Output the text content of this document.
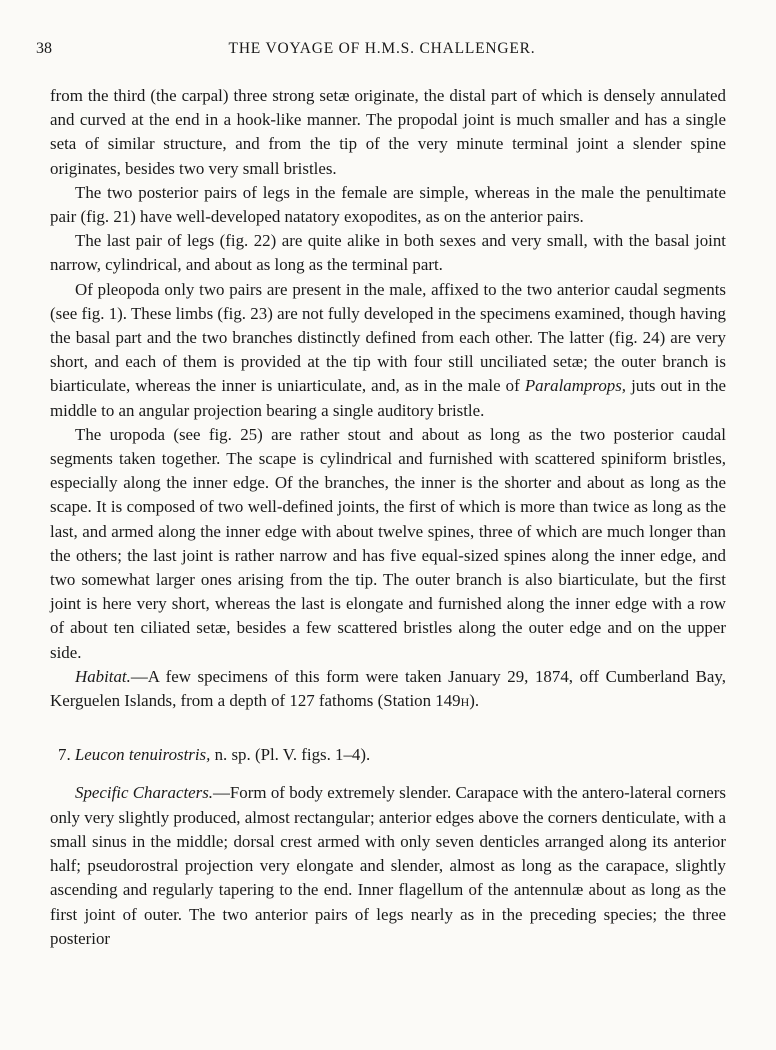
38	THE VOYAGE OF H.M.S. CHALLENGER.

from the third (the carpal) three strong setæ originate, the distal part of which is densely annulated and curved at the end in a hook-like manner. The propodal joint is much smaller and has a single seta of similar structure, and from the tip of the very minute terminal joint a slender spine originates, besides two very small bristles.

The two posterior pairs of legs in the female are simple, whereas in the male the penultimate pair (fig. 21) have well-developed natatory exopodites, as on the anterior pairs.

The last pair of legs (fig. 22) are quite alike in both sexes and very small, with the basal joint narrow, cylindrical, and about as long as the terminal part.

Of pleopoda only two pairs are present in the male, affixed to the two anterior caudal segments (see fig. 1). These limbs (fig. 23) are not fully developed in the specimens examined, though having the basal part and the two branches distinctly defined from each other. The latter (fig. 24) are very short, and each of them is provided at the tip with four still unciliated setæ; the outer branch is biarticulate, whereas the inner is uniarticulate, and, as in the male of Paralamprops, juts out in the middle to an angular projection bearing a single auditory bristle.

The uropoda (see fig. 25) are rather stout and about as long as the two posterior caudal segments taken together. The scape is cylindrical and furnished with scattered spiniform bristles, especially along the inner edge. Of the branches, the inner is the shorter and about as long as the scape. It is composed of two well-defined joints, the first of which is more than twice as long as the last, and armed along the inner edge with about twelve spines, three of which are much longer than the others; the last joint is rather narrow and has five equal-sized spines along the inner edge, and two somewhat larger ones arising from the tip. The outer branch is also biarticulate, but the first joint is here very short, whereas the last is elongate and furnished along the inner edge with a row of about ten ciliated setæ, besides a few scattered bristles along the outer edge and on the upper side.

Habitat.—A few specimens of this form were taken January 29, 1874, off Cumberland Bay, Kerguelen Islands, from a depth of 127 fathoms (Station 149h).

7. Leucon tenuirostris, n. sp. (Pl. V. figs. 1–4).

Specific Characters.—Form of body extremely slender. Carapace with the antero-lateral corners only very slightly produced, almost rectangular; anterior edges above the corners denticulate, with a small sinus in the middle; dorsal crest armed with only seven denticles arranged along its anterior half; pseudorostral projection very elongate and slender, almost as long as the carapace, slightly ascending and regularly tapering to the end. Inner flagellum of the antennulæ about as long as the first joint of outer. The two anterior pairs of legs nearly as in the preceding species; the three posterior
